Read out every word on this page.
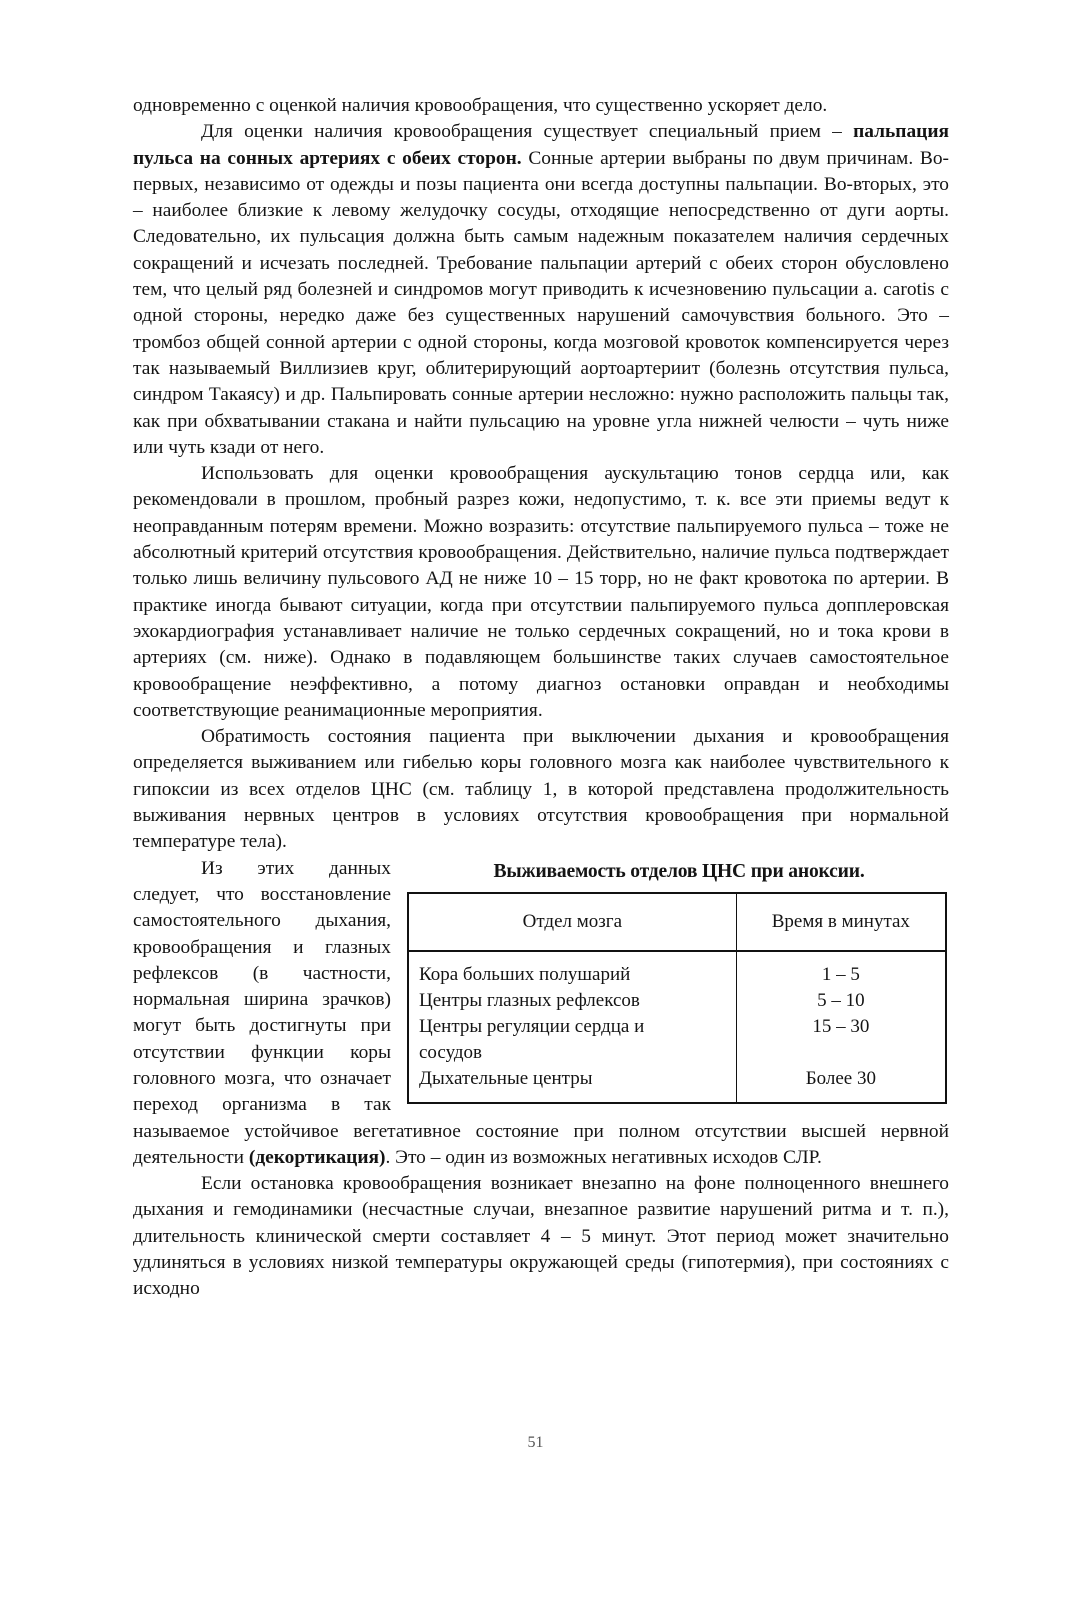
одновременно с оценкой наличия кровообращения, что существенно ускоряет дело.

Для оценки наличия кровообращения существует специальный прием – пальпация пульса на сонных артериях с обеих сторон. Сонные артерии выбраны по двум причинам. Во-первых, независимо от одежды и позы пациента они всегда доступны пальпации. Во-вторых, это – наиболее близкие к левому желудочку сосуды, отходящие непосредственно от дуги аорты. Следовательно, их пульсация должна быть самым надежным показателем наличия сердечных сокращений и исчезать последней. Требование пальпации артерий с обеих сторон обусловлено тем, что целый ряд болезней и синдромов могут приводить к исчезновению пульсации a. carotis с одной стороны, нередко даже без существенных нарушений самочувствия больного. Это – тромбоз общей сонной артерии с одной стороны, когда мозговой кровоток компенсируется через так называемый Виллизиев круг, облитерирующий аортоартериит (болезнь отсутствия пульса, синдром Такаясу) и др. Пальпировать сонные артерии несложно: нужно расположить пальцы так, как при обхватывании стакана и найти пульсацию на уровне угла нижней челюсти – чуть ниже или чуть кзади от него.

Использовать для оценки кровообращения аускультацию тонов сердца или, как рекомендовали в прошлом, пробный разрез кожи, недопустимо, т. к. все эти приемы ведут к неоправданным потерям времени. Можно возразить: отсутствие пальпируемого пульса – тоже не абсолютный критерий отсутствия кровообращения. Действительно, наличие пульса подтверждает только лишь величину пульсового АД не ниже 10 – 15 торр, но не факт кровотока по артерии. В практике иногда бывают ситуации, когда при отсутствии пальпируемого пульса допплеровская эхокардиография устанавливает наличие не только сердечных сокращений, но и тока крови в артериях (см. ниже). Однако в подавляющем большинстве таких случаев самостоятельное кровообращение неэффективно, а потому диагноз остановки оправдан и необходимы соответствующие реанимационные мероприятия.

Обратимость состояния пациента при выключении дыхания и кровообращения определяется выживанием или гибелью коры головного мозга как наиболее чувствительного к гипоксии из всех отделов ЦНС (см. таблицу 1, в которой представлена продолжительность выживания нервных центров в условиях отсутствия кровообращения при нормальной температуре тела).

Выживаемость отделов ЦНС при аноксии.
Отдел мозга	Время в минутах
Кора больших полушарий	1 – 5
Центры глазных рефлексов	5 – 10
Центры регуляции сердца и сосудов	15 – 30
Дыхательные центры	Более 30

Из этих данных следует, что восстановление самостоятельного дыхания, кровообращения и глазных рефлексов (в частности, нормальная ширина зрачков) могут быть достигнуты при отсутствии функции коры головного мозга, что означает переход организма в так называемое устойчивое вегетативное состояние при полном отсутствии высшей нервной деятельности (декортикация). Это – один из возможных негативных исходов СЛР.

Если остановка кровообращения возникает внезапно на фоне полноценного внешнего дыхания и гемодинамики (несчастные случаи, внезапное развитие нарушений ритма и т. п.), длительность клинической смерти составляет 4 – 5 минут. Этот период может значительно удлиняться в условиях низкой температуры окружающей среды (гипотермия), при состояниях с исходно

51
